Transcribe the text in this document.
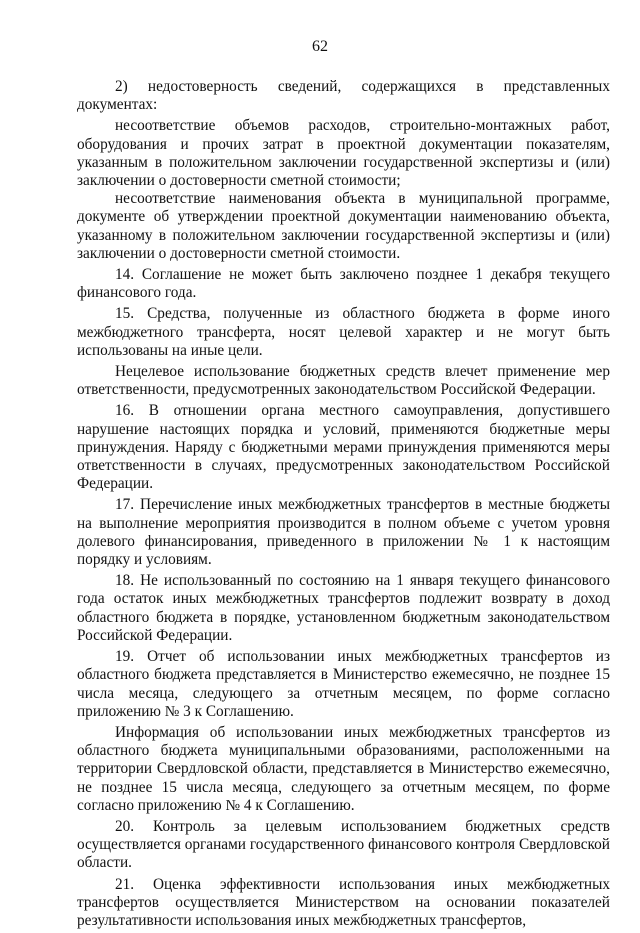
62

2) недостоверность сведений, содержащихся в представленных документах:

несоответствие объемов расходов, строительно-монтажных работ, оборудования и прочих затрат в проектной документации показателям, указанным в положительном заключении государственной экспертизы и (или) заключении о достоверности сметной стоимости;

несоответствие наименования объекта в муниципальной программе, документе об утверждении проектной документации наименованию объекта, указанному в положительном заключении государственной экспертизы и (или) заключении о достоверности сметной стоимости.

14. Соглашение не может быть заключено позднее 1 декабря текущего финансового года.

15. Средства, полученные из областного бюджета в форме иного межбюджетного трансферта, носят целевой характер и не могут быть использованы на иные цели.

Нецелевое использование бюджетных средств влечет применение мер ответственности, предусмотренных законодательством Российской Федерации.

16. В отношении органа местного самоуправления, допустившего нарушение настоящих порядка и условий, применяются бюджетные меры принуждения. Наряду с бюджетными мерами принуждения применяются меры ответственности в случаях, предусмотренных законодательством Российской Федерации.

17. Перечисление иных межбюджетных трансфертов в местные бюджеты на выполнение мероприятия производится в полном объеме с учетом уровня долевого финансирования, приведенного в приложении № 1 к настоящим порядку и условиям.

18. Не использованный по состоянию на 1 января текущего финансового года остаток иных межбюджетных трансфертов подлежит возврату в доход областного бюджета в порядке, установленном бюджетным законодательством Российской Федерации.

19. Отчет об использовании иных межбюджетных трансфертов из областного бюджета представляется в Министерство ежемесячно, не позднее 15 числа месяца, следующего за отчетным месяцем, по форме согласно приложению № 3 к Соглашению.

Информация об использовании иных межбюджетных трансфертов из областного бюджета муниципальными образованиями, расположенными на территории Свердловской области, представляется в Министерство ежемесячно, не позднее 15 числа месяца, следующего за отчетным месяцем, по форме согласно приложению № 4 к Соглашению.

20. Контроль за целевым использованием бюджетных средств осуществляется органами государственного финансового контроля Свердловской области.

21. Оценка эффективности использования иных межбюджетных трансфертов осуществляется Министерством на основании показателей результативности использования иных межбюджетных трансфертов,
